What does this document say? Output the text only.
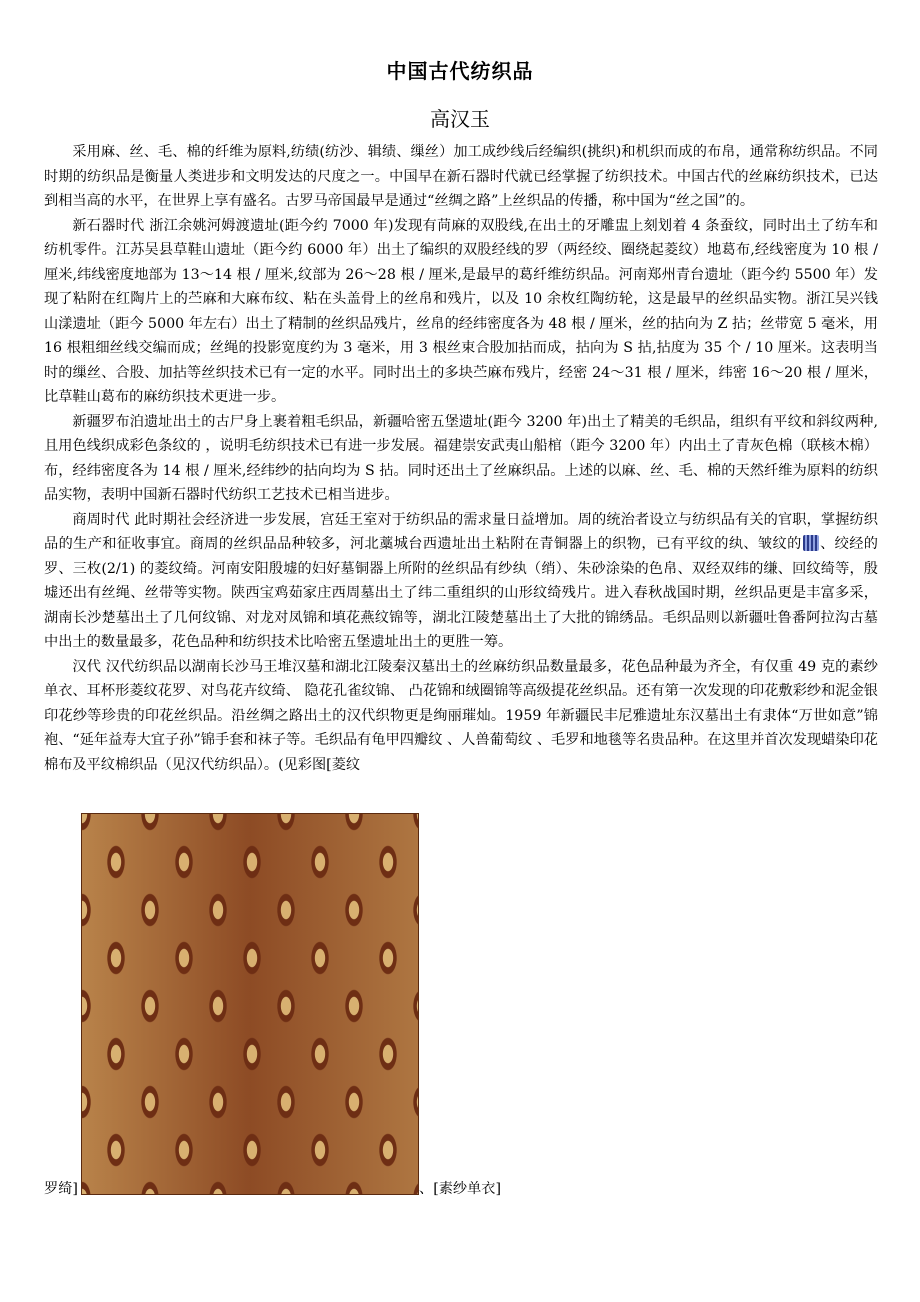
中国古代纺织品
高汉玉

采用麻、丝、毛、棉的纤维为原料,纺绩(纺沙、辑绩、缫丝）加工成纱线后经编织(挑织)和机织而成的布帛，通常称纺织品。不同时期的纺织品是衡量人类进步和文明发达的尺度之一。中国早在新石器时代就已经掌握了纺织技术。中国古代的丝麻纺织技术，已达到相当高的水平，在世界上享有盛名。古罗马帝国最早是通过“丝绸之路”上丝织品的传播，称中国为“丝之国”的。

新石器时代 浙江余姚河姆渡遗址(距今约 7000 年)发现有苘麻的双股线,在出土的牙雕盅上刻划着 4 条蚕纹，同时出土了纺车和纺机零件。江苏吴县草鞋山遗址（距今约 6000 年）出土了编织的双股经线的罗（两经绞、圈绕起菱纹）地葛布,经线密度为 10 根 / 厘米,纬线密度地部为 13～14 根 / 厘米,纹部为 26～28 根 / 厘米,是最早的葛纤维纺织品。河南郑州青台遗址（距今约 5500 年）发现了粘附在红陶片上的苎麻和大麻布纹、粘在头盖骨上的丝帛和残片，以及 10 余枚红陶纺轮，这是最早的丝织品实物。浙江吴兴钱山漾遗址（距今 5000 年左右）出土了精制的丝织品残片，丝帛的经纬密度各为 48 根 / 厘米，丝的拈向为 Z 拈；丝带宽 5 毫米，用 16 根粗细丝线交编而成；丝绳的投影宽度约为 3 毫米，用 3 根丝束合股加拈而成，拈向为 S 拈,拈度为 35 个 / 10 厘米。这表明当时的缫丝、合股、加拈等丝织技术已有一定的水平。同时出土的多块苎麻布残片，经密 24～31 根 / 厘米，纬密 16～20 根 / 厘米，比草鞋山葛布的麻纺织技术更进一步。

新疆罗布泊遗址出土的古尸身上裹着粗毛织品，新疆哈密五堡遗址(距今 3200 年)出土了精美的毛织品，组织有平纹和斜纹两种,且用色线织成彩色条纹的 ，说明毛纺织技术已有进一步发展。福建崇安武夷山船棺（距今 3200 年）内出土了青灰色棉（联核木棉）布，经纬密度各为 14 根 / 厘米,经纬纱的拈向均为 S 拈。同时还出土了丝麻织品。上述的以麻、丝、毛、棉的天然纤维为原料的纺织品实物，表明中国新石器时代纺织工艺技术已相当进步。

商周时代 此时期社会经济进一步发展，宫廷王室对于纺织品的需求量日益增加。周的统治者设立与纺织品有关的官职，掌握纺织品的生产和征收事宜。商周的丝织品品种较多，河北藁城台西遗址出土粘附在青铜器上的织物，已有平纹的纨、皱纹的 、绞经的罗、三枚(2/1) 的菱纹绮。河南安阳殷墟的妇好墓铜器上所附的丝织品有纱纨（绡）、朱砂涂染的色帛、双经双纬的缣、回纹绮等，殷墟还出有丝绳、丝带等实物。陕西宝鸡茹家庄西周墓出土了纬二重组织的山形纹绮残片。进入春秋战国时期，丝织品更是丰富多采，湖南长沙楚墓出土了几何纹锦、对龙对凤锦和填花燕纹锦等，湖北江陵楚墓出土了大批的锦绣品。毛织品则以新疆吐鲁番阿拉沟古墓中出土的数量最多，花色品种和纺织技术比哈密五堡遗址出土的更胜一筹。

汉代 汉代纺织品以湖南长沙马王堆汉墓和湖北江陵秦汉墓出土的丝麻纺织品数量最多，花色品种最为齐全，有仅重 49 克的素纱单衣、耳杯形菱纹花罗、对鸟花卉纹绮、 隐花孔雀纹锦、 凸花锦和绒圈锦等高级提花丝织品。还有第一次发现的印花敷彩纱和泥金银印花纱等珍贵的印花丝织品。沿丝绸之路出土的汉代织物更是绚丽璀灿。1959 年新疆民丰尼雅遗址东汉墓出土有隶体“万世如意”锦袍、“延年益寿大宜子孙”锦手套和袜子等。毛织品有龟甲四瓣纹 、人兽葡萄纹 、毛罗和地毯等名贵品种。在这里并首次发现蜡染印花棉布及平纹棉织品（见汉代纺织品）。(见彩图[菱纹

罗绮]	、[素纱单衣]
